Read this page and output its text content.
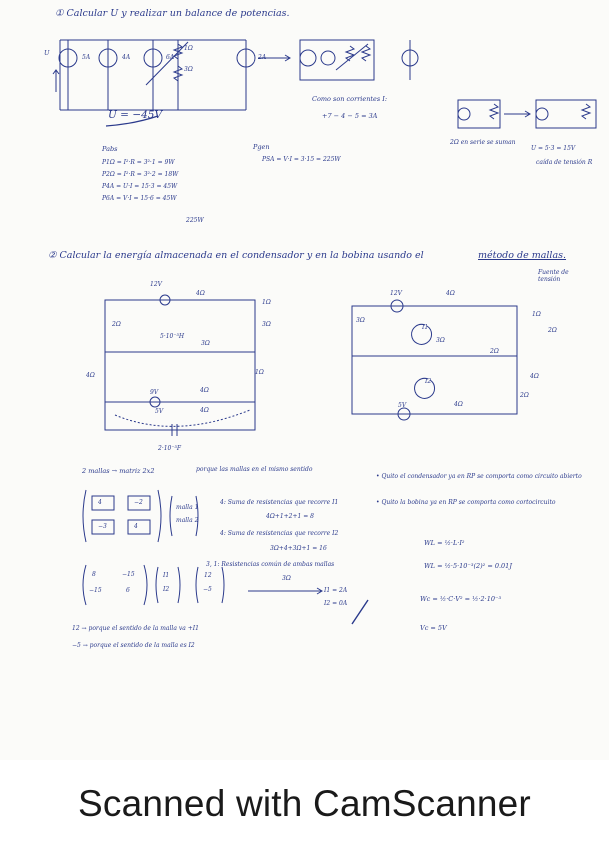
① Calcular U y realizar un balance de potencias.
U
5A	4A	6A
1Ω
3Ω
2A
Como son corrientes I:
+7 − 4 − 5 = 3A
U = −45V
2Ω en serie se suman
U = 5·3 = 15V
caída de tensión R
Pabs
P1Ω = I²·R = 3²·1 = 9W
P2Ω = I²·R = 3²·2 = 18W
P4A = U·I = 15·3 = 45W
P6A = V·I = 15·6 = 45W
225W
Pgen
PSA = V·I = 3·15 = 225W
② Calcular la energía almacenada en el condensador y en la bobina usando el	método de mallas.
Fuente de tensión
12V
4Ω
2Ω
5·10⁻³H
3Ω
1Ω
3Ω
4Ω
9V	4Ω
1Ω
5V	4Ω
2·10⁻³F
12V	4Ω
3Ω
3Ω
1Ω
2Ω
2Ω
4Ω
2Ω
5V	4Ω
I1
I2
2 mallas → matriz 2x2	porque las mallas en el mismo sentido
• Quito el condensador ya en RP se comporta como circuito abierto
• Quito la bobina ya en RP se comporta como cortocircuito
4	−2
−3	4
malla 1
malla 2
4: Suma de resistencias que recorre I1
4Ω+1+2+1 = 8
4: Suma de resistencias que recorre I2
3Ω+4+3Ω+1 = 16
3, 1: Resistencias común de ambas mallas
3Ω
8	−15
−15	6
I1
I2
12
−5	I1 = 2A
I2 = 0A
12 → porque el sentido de la malla va +I1
−5 → porque el sentido de la malla es I2
WL = ½·L·I²
WL = ½·5·10⁻³(2)² = 0.01J
Wc = ½·C·V² = ½·2·10⁻³
Vc = 5V
Scanned with CamScanner
